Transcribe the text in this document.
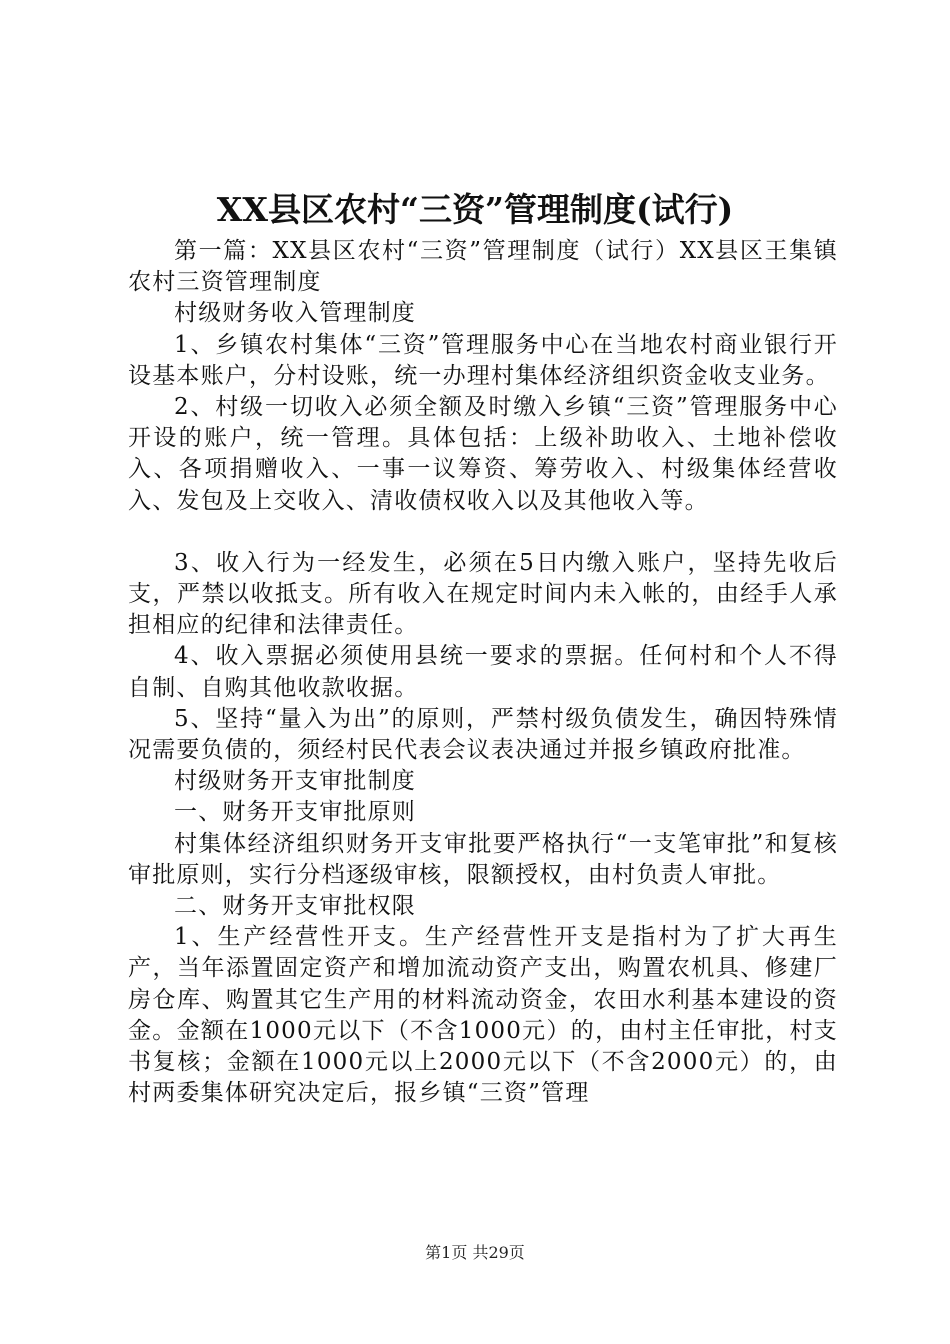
XX县区农村“三资”管理制度(试行)

第一篇：XX县区农村“三资”管理制度（试行）XX县区王集镇农村三资管理制度

村级财务收入管理制度

1、乡镇农村集体“三资”管理服务中心在当地农村商业银行开设基本账户，分村设账，统一办理村集体经济组织资金收支业务。

2、村级一切收入必须全额及时缴入乡镇“三资”管理服务中心开设的账户，统一管理。具体包括：上级补助收入、土地补偿收入、各项捐赠收入、一事一议筹资、筹劳收入、村级集体经营收入、发包及上交收入、清收债权收入以及其他收入等。

3、收入行为一经发生，必须在5日内缴入账户，坚持先收后支，严禁以收抵支。所有收入在规定时间内未入帐的，由经手人承担相应的纪律和法律责任。

4、收入票据必须使用县统一要求的票据。任何村和个人不得自制、自购其他收款收据。

5、坚持“量入为出”的原则，严禁村级负债发生，确因特殊情况需要负债的，须经村民代表会议表决通过并报乡镇政府批准。

村级财务开支审批制度

一、财务开支审批原则

村集体经济组织财务开支审批要严格执行“一支笔审批”和复核审批原则，实行分档逐级审核，限额授权，由村负责人审批。

二、财务开支审批权限

1、生产经营性开支。生产经营性开支是指村为了扩大再生产，当年添置固定资产和增加流动资产支出，购置农机具、修建厂房仓库、购置其它生产用的材料流动资金，农田水利基本建设的资金。金额在1000元以下（不含1000元）的，由村主任审批，村支书复核；金额在1000元以上2000元以下（不含2000元）的，由村两委集体研究决定后，报乡镇“三资”管理

第1页 共29页
